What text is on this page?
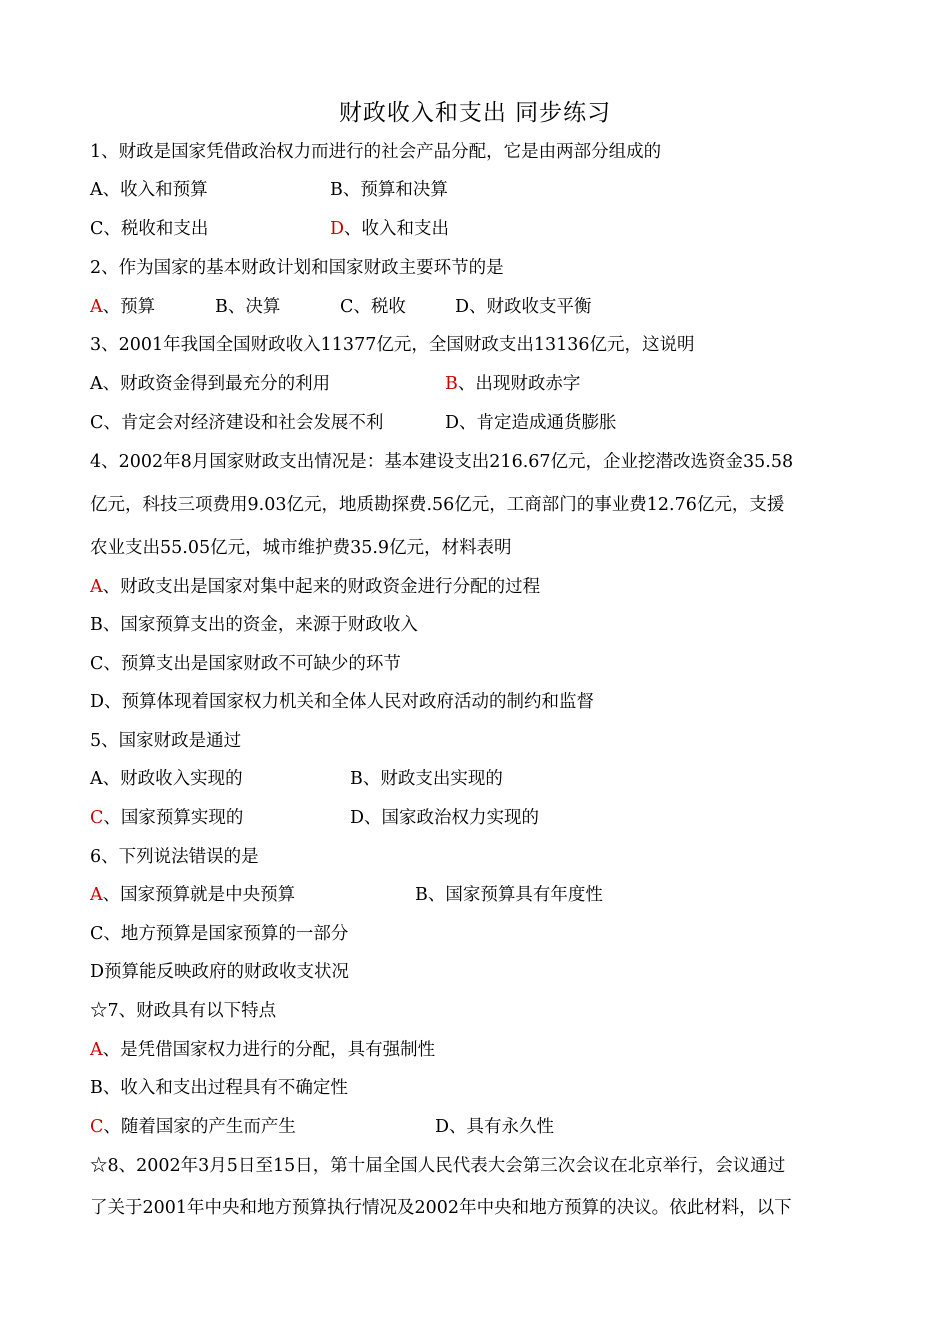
财政收入和支出 同步练习
1、财政是国家凭借政治权力而进行的社会产品分配，它是由两部分组成的
A、收入和预算	B、预算和决算
C、税收和支出	D、收入和支出
2、作为国家的基本财政计划和国家财政主要环节的是
A、预算	B、决算	C、税收	D、财政收支平衡
3、2001年我国全国财政收入11377亿元，全国财政支出13136亿元，这说明
A、财政资金得到最充分的利用	B、出现财政赤字
C、肯定会对经济建设和社会发展不利	D、肯定造成通货膨胀
4、2002年8月国家财政支出情况是：基本建设支出216.67亿元，企业挖潜改选资金35.58
亿元，科技三项费用9.03亿元，地质勘探费.56亿元，工商部门的事业费12.76亿元，支援
农业支出55.05亿元，城市维护费35.9亿元，材料表明
A、财政支出是国家对集中起来的财政资金进行分配的过程
B、国家预算支出的资金，来源于财政收入
C、预算支出是国家财政不可缺少的环节
D、预算体现着国家权力机关和全体人民对政府活动的制约和监督
5、国家财政是通过
A、财政收入实现的	B、财政支出实现的
C、国家预算实现的	D、国家政治权力实现的
6、下列说法错误的是
A、国家预算就是中央预算	B、国家预算具有年度性
C、地方预算是国家预算的一部分
D预算能反映政府的财政收支状况
☆7、财政具有以下特点
A、是凭借国家权力进行的分配，具有强制性
B、收入和支出过程具有不确定性
C、随着国家的产生而产生	D、具有永久性
☆8、2002年3月5日至15日，第十届全国人民代表大会第三次会议在北京举行，会议通过
了关于2001年中央和地方预算执行情况及2002年中央和地方预算的决议。依此材料，以下
